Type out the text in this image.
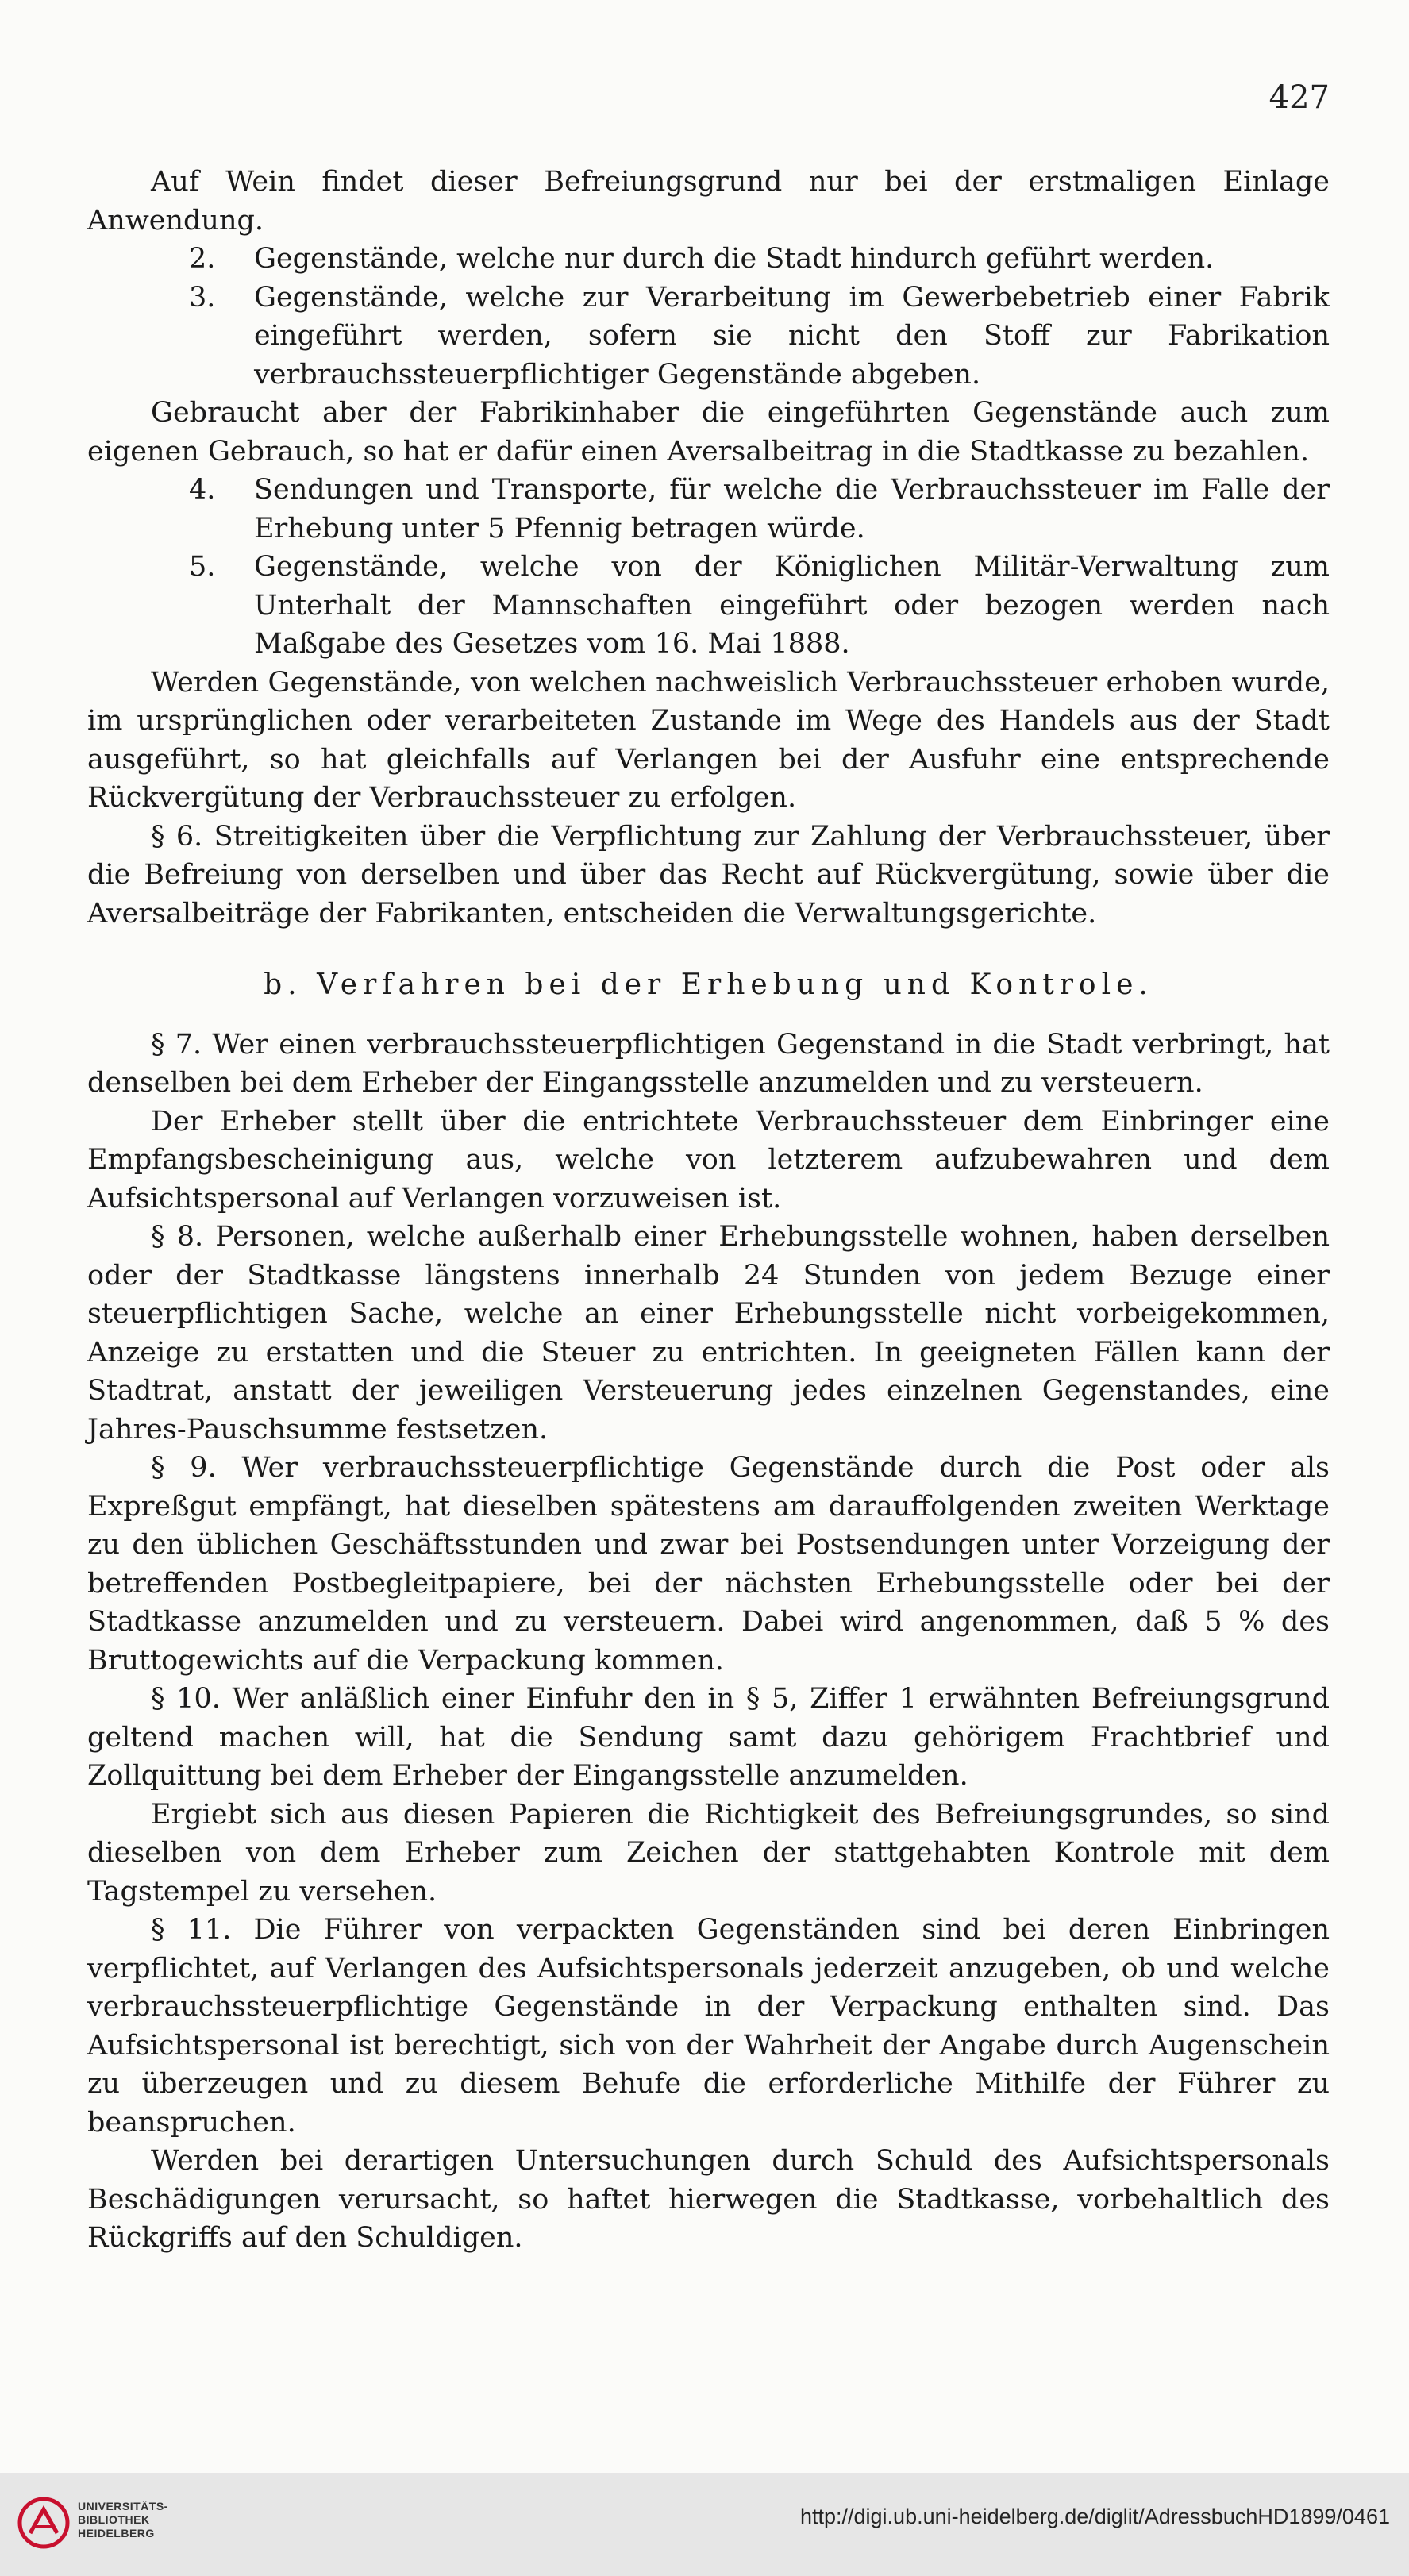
427

Auf Wein findet dieser Befreiungsgrund nur bei der erstmaligen Einlage Anwendung.

2.	Gegenstände, welche nur durch die Stadt hindurch geführt werden.
3.	Gegenstände, welche zur Verarbeitung im Gewerbebetrieb einer Fabrik eingeführt werden, sofern sie nicht den Stoff zur Fabrikation verbrauchssteuerpflichtiger Gegenstände abgeben.

Gebraucht aber der Fabrikinhaber die eingeführten Gegenstände auch zum eigenen Gebrauch, so hat er dafür einen Aversalbeitrag in die Stadtkasse zu bezahlen.

4.	Sendungen und Transporte, für welche die Verbrauchssteuer im Falle der Erhebung unter 5 Pfennig betragen würde.
5.	Gegenstände, welche von der Königlichen Militär-Verwaltung zum Unterhalt der Mannschaften eingeführt oder bezogen werden nach Maßgabe des Gesetzes vom 16. Mai 1888.

Werden Gegenstände, von welchen nachweislich Verbrauchssteuer erhoben wurde, im ursprünglichen oder verarbeiteten Zustande im Wege des Handels aus der Stadt ausgeführt, so hat gleichfalls auf Verlangen bei der Ausfuhr eine entsprechende Rückvergütung der Verbrauchssteuer zu erfolgen.

§ 6. Streitigkeiten über die Verpflichtung zur Zahlung der Verbrauchssteuer, über die Befreiung von derselben und über das Recht auf Rückvergütung, sowie über die Aversalbeiträge der Fabrikanten, entscheiden die Verwaltungsgerichte.

b. Verfahren bei der Erhebung und Kontrole.

§ 7. Wer einen verbrauchssteuerpflichtigen Gegenstand in die Stadt verbringt, hat denselben bei dem Erheber der Eingangsstelle anzumelden und zu versteuern.

Der Erheber stellt über die entrichtete Verbrauchssteuer dem Einbringer eine Empfangsbescheinigung aus, welche von letzterem aufzubewahren und dem Aufsichtspersonal auf Verlangen vorzuweisen ist.

§ 8. Personen, welche außerhalb einer Erhebungsstelle wohnen, haben derselben oder der Stadtkasse längstens innerhalb 24 Stunden von jedem Bezuge einer steuerpflichtigen Sache, welche an einer Erhebungsstelle nicht vorbeigekommen, Anzeige zu erstatten und die Steuer zu entrichten. In geeigneten Fällen kann der Stadtrat, anstatt der jeweiligen Versteuerung jedes einzelnen Gegenstandes, eine Jahres-Pauschsumme festsetzen.

§ 9. Wer verbrauchssteuerpflichtige Gegenstände durch die Post oder als Expreßgut empfängt, hat dieselben spätestens am darauffolgenden zweiten Werktage zu den üblichen Geschäftsstunden und zwar bei Postsendungen unter Vorzeigung der betreffenden Postbegleitpapiere, bei der nächsten Erhebungsstelle oder bei der Stadtkasse anzumelden und zu versteuern. Dabei wird angenommen, daß 5 % des Bruttogewichts auf die Verpackung kommen.

§ 10. Wer anläßlich einer Einfuhr den in § 5, Ziffer 1 erwähnten Befreiungsgrund geltend machen will, hat die Sendung samt dazu gehörigem Frachtbrief und Zollquittung bei dem Erheber der Eingangsstelle anzumelden.

Ergiebt sich aus diesen Papieren die Richtigkeit des Befreiungsgrundes, so sind dieselben von dem Erheber zum Zeichen der stattgehabten Kontrole mit dem Tagstempel zu versehen.

§ 11. Die Führer von verpackten Gegenständen sind bei deren Einbringen verpflichtet, auf Verlangen des Aufsichtspersonals jederzeit anzugeben, ob und welche verbrauchssteuerpflichtige Gegenstände in der Verpackung enthalten sind. Das Aufsichtspersonal ist berechtigt, sich von der Wahrheit der Angabe durch Augenschein zu überzeugen und zu diesem Behufe die erforderliche Mithilfe der Führer zu beanspruchen.

Werden bei derartigen Untersuchungen durch Schuld des Aufsichtspersonals Beschädigungen verursacht, so haftet hierwegen die Stadtkasse, vorbehaltlich des Rückgriffs auf den Schuldigen.

UNIVERSITÄTS-
BIBLIOTHEK
HEIDELBERG
http://digi.ub.uni-heidelberg.de/diglit/AdressbuchHD1899/0461
